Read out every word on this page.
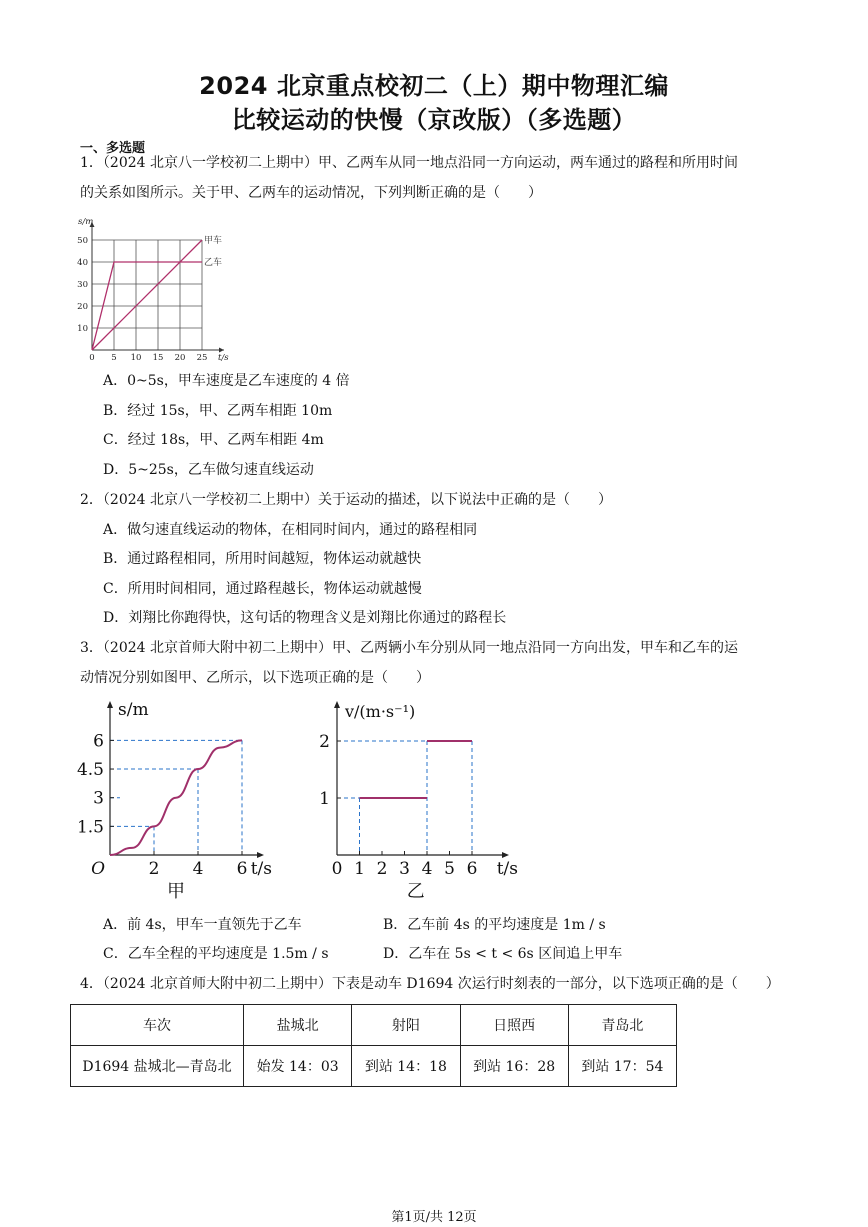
2024 北京重点校初二（上）期中物理汇编
比较运动的快慢（京改版）（多选题）
一、多选题
1．（2024 北京八一学校初二上期中）甲、乙两车从同一地点沿同一方向运动，两车通过的路程和所用时间
的关系如图所示。关于甲、乙两车的运动情况，下列判断正确的是（　　）
甲车
乙车
0 5 10 15 20 25
10
20
30
40
50
t/s
s/m
A．0~5s，甲车速度是乙车速度的 4 倍
B．经过 15s，甲、乙两车相距 10m
C．经过 18s，甲、乙两车相距 4m
D．5~25s，乙车做匀速直线运动
2．（2024 北京八一学校初二上期中）关于运动的描述，以下说法中正确的是（　　）
A．做匀速直线运动的物体，在相同时间内，通过的路程相同
B．通过路程相同，所用时间越短，物体运动就越快
C．所用时间相同，通过路程越长，物体运动就越慢
D．刘翔比你跑得快，这句话的物理含义是刘翔比你通过的路程长
3．（2024 北京首师大附中初二上期中）甲、乙两辆小车分别从同一地点沿同一方向出发，甲车和乙车的运
动情况分别如图甲、乙所示，以下选项正确的是（　　）
2 4 6
1.5
3
4.5
6
O	t/s
s/m
甲
0 1 2 3 4 5 6
1
2
t/s
v/(m·s⁻¹)
乙
A．前 4s，甲车一直领先于乙车	B．乙车前 4s 的平均速度是 1m / s
C．乙车全程的平均速度是 1.5m / s	D．乙车在 5s < t < 6s 区间追上甲车
4．（2024 北京首师大附中初二上期中）下表是动车 D1694 次运行时刻表的一部分，以下选项正确的是（　　）
车次	盐城北	射阳	日照西	青岛北
D1694 盐城北—青岛北	始发 14：03	到站 14：18	到站 16：28	到站 17：54
第1页/共 12页
